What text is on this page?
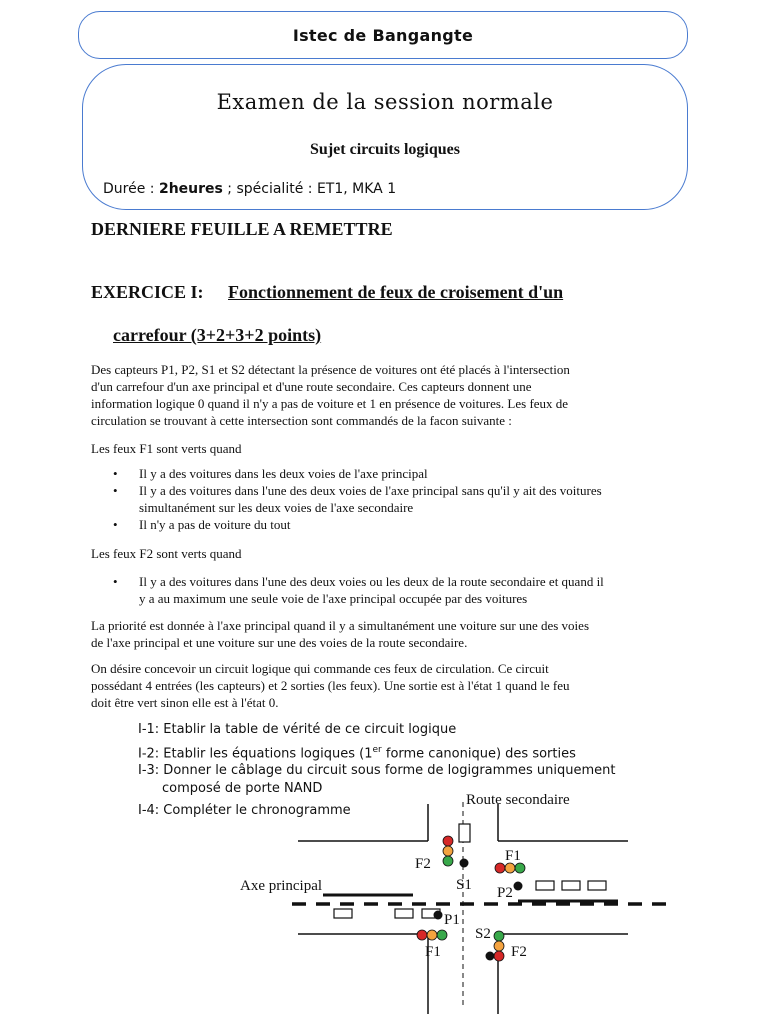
Istec de Bangangte
Examen de la session normale
Sujet circuits logiques
Durée : 2heures ; spécialité : ET1, MKA 1
DERNIERE FEUILLE A REMETTRE
EXERCICE I: Fonctionnement de feux de croisement d'un
carrefour (3+2+3+2 points)
Des capteurs P1, P2, S1 et S2 détectant la présence de voitures ont été placés à l'intersection
d'un carrefour d'un axe principal et d'une route secondaire. Ces capteurs donnent une
information logique 0 quand il n'y a pas de voiture et 1 en présence de voitures. Les feux de
circulation se trouvant à cette intersection sont commandés de la facon suivante :
Les feux F1 sont verts quand
• Il y a des voitures dans les deux voies de l'axe principal
• Il y a des voitures dans l'une des deux voies de l'axe principal sans qu'il y ait des voitures
simultanément sur les deux voies de l'axe secondaire
• Il n'y a pas de voiture du tout
Les feux F2 sont verts quand
• Il y a des voitures dans l'une des deux voies ou les deux de la route secondaire et quand il
y a au maximum une seule voie de l'axe principal occupée par des voitures
La priorité est donnée à l'axe principal quand il y a simultanément une voiture sur une des voies
de l'axe principal et une voiture sur une des voies de la route secondaire.
On désire concevoir un circuit logique qui commande ces feux de circulation. Ce circuit
possédant 4 entrées (les capteurs) et 2 sorties (les feux). Une sortie est à l'état 1 quand le feu
doit être vert sinon elle est à l'état 0.
I-1: Etablir la table de vérité de ce circuit logique
I-2: Etablir les équations logiques (1er forme canonique) des sorties
I-3: Donner le câblage du circuit sous forme de logigrammes uniquement
composé de porte NAND
I-4: Compléter le chronogramme
Route secondaire
Axe principal
F2
S1
F1
P2
P1
F1
S2
F2
